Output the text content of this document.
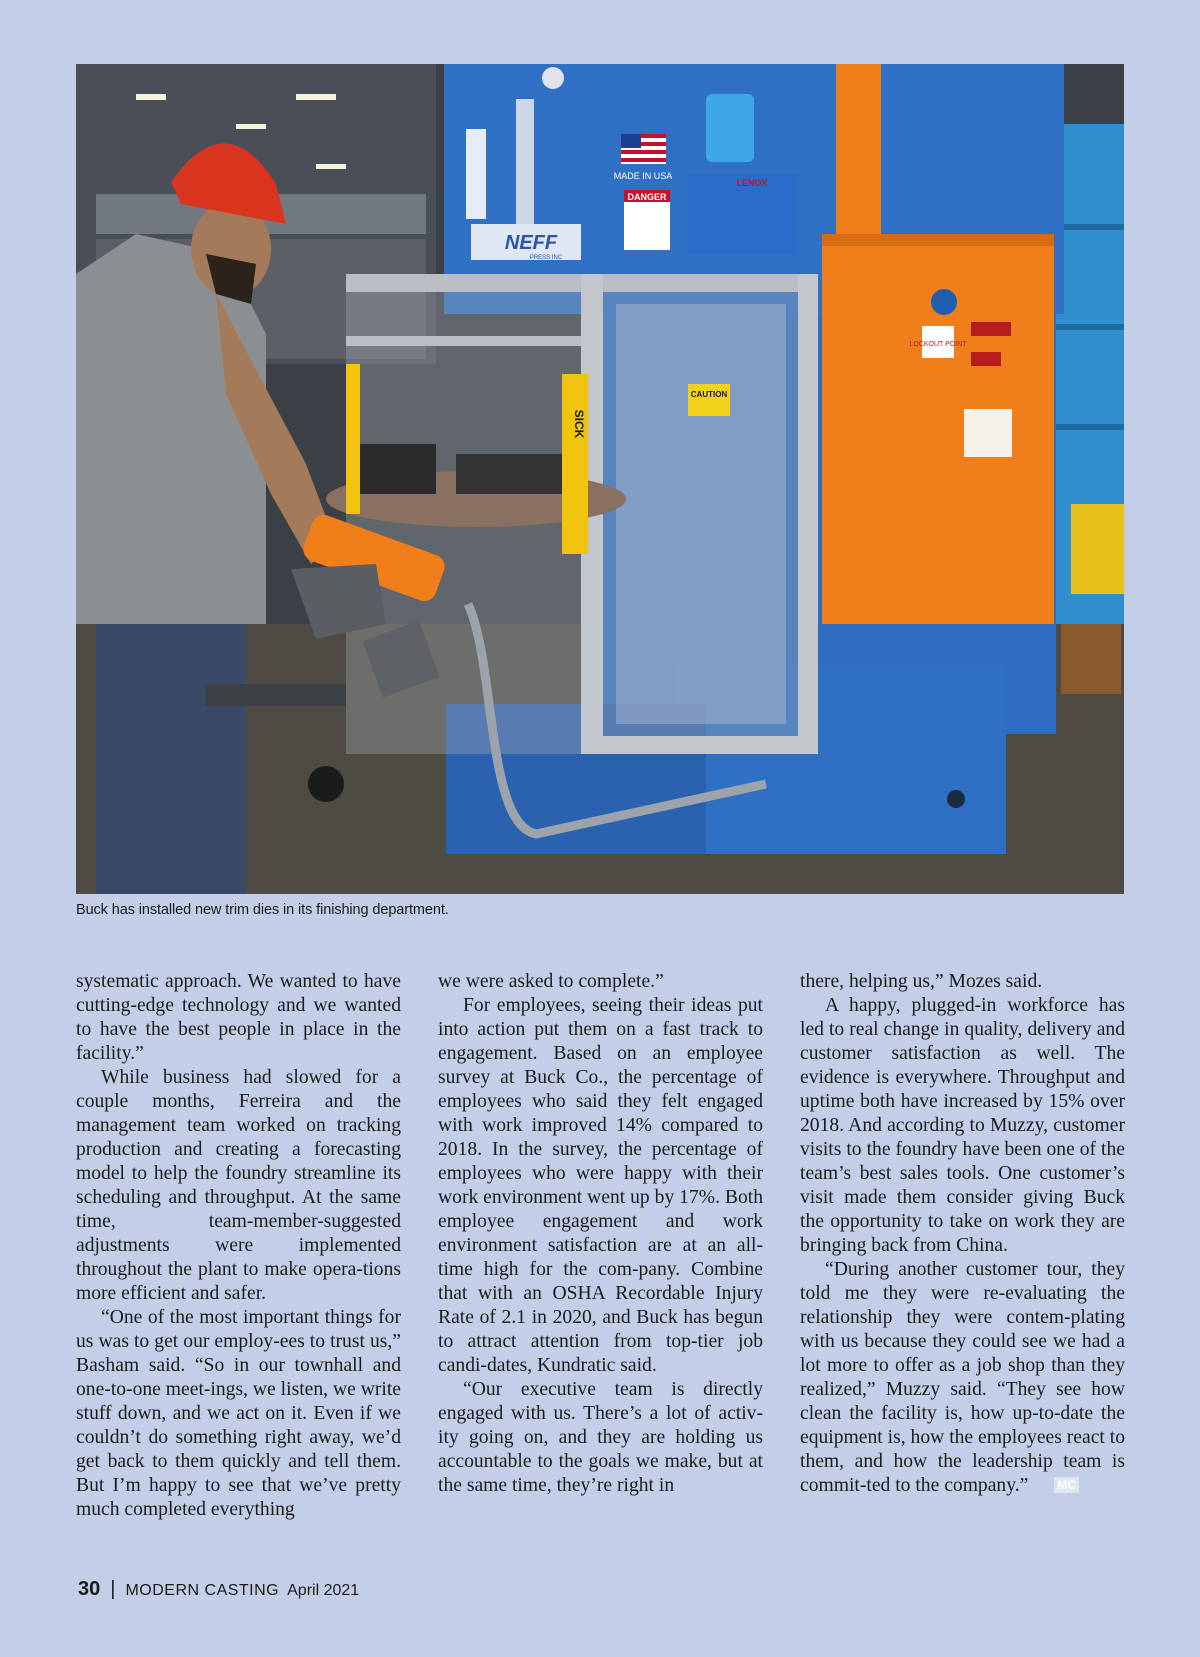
LOCKOUT POINT
MADE IN USA
DANGER
NEFF
PRESS INC
LENOX
SICK
CAUTION
Buck has installed new trim dies in its finishing department.

systematic approach. We wanted to have cutting-edge technology and we wanted to have the best people in place in the facility.”

While business had slowed for a couple months, Ferreira and the management team worked on tracking production and creating a forecasting model to help the foundry streamline its scheduling and throughput. At the same time, team-member-suggested adjustments were implemented throughout the plant to make opera-tions more efficient and safer.

“One of the most important things for us was to get our employ-ees to trust us,” Basham said. “So in our townhall and one-to-one meet-ings, we listen, we write stuff down, and we act on it. Even if we couldn’t do something right away, we’d get back to them quickly and tell them. But I’m happy to see that we’ve pretty much completed everything

we were asked to complete.”

For employees, seeing their ideas put into action put them on a fast track to engagement. Based on an employee survey at Buck Co., the percentage of employees who said they felt engaged with work improved 14% compared to 2018. In the survey, the percentage of employees who were happy with their work environment went up by 17%. Both employee engagement and work environment satisfaction are at an all-time high for the com-pany. Combine that with an OSHA Recordable Injury Rate of 2.1 in 2020, and Buck has begun to attract attention from top-tier job candi-dates, Kundratic said.

“Our executive team is directly engaged with us. There’s a lot of activ-ity going on, and they are holding us accountable to the goals we make, but at the same time, they’re right in

there, helping us,” Mozes said.

A happy, plugged-in workforce has led to real change in quality, delivery and customer satisfaction as well. The evidence is everywhere. Throughput and uptime both have increased by 15% over 2018. And according to Muzzy, customer visits to the foundry have been one of the team’s best sales tools. One customer’s visit made them consider giving Buck the opportunity to take on work they are bringing back from China.

“During another customer tour, they told me they were re-evaluating the relationship they were contem-plating with us because they could see we had a lot more to offer as a job shop than they realized,” Muzzy said. “They see how clean the facility is, how up-to-date the equipment is, how the employees react to them, and how the leadership team is commit-ted to the company.” MC

30 | MODERN CASTING April 2021
